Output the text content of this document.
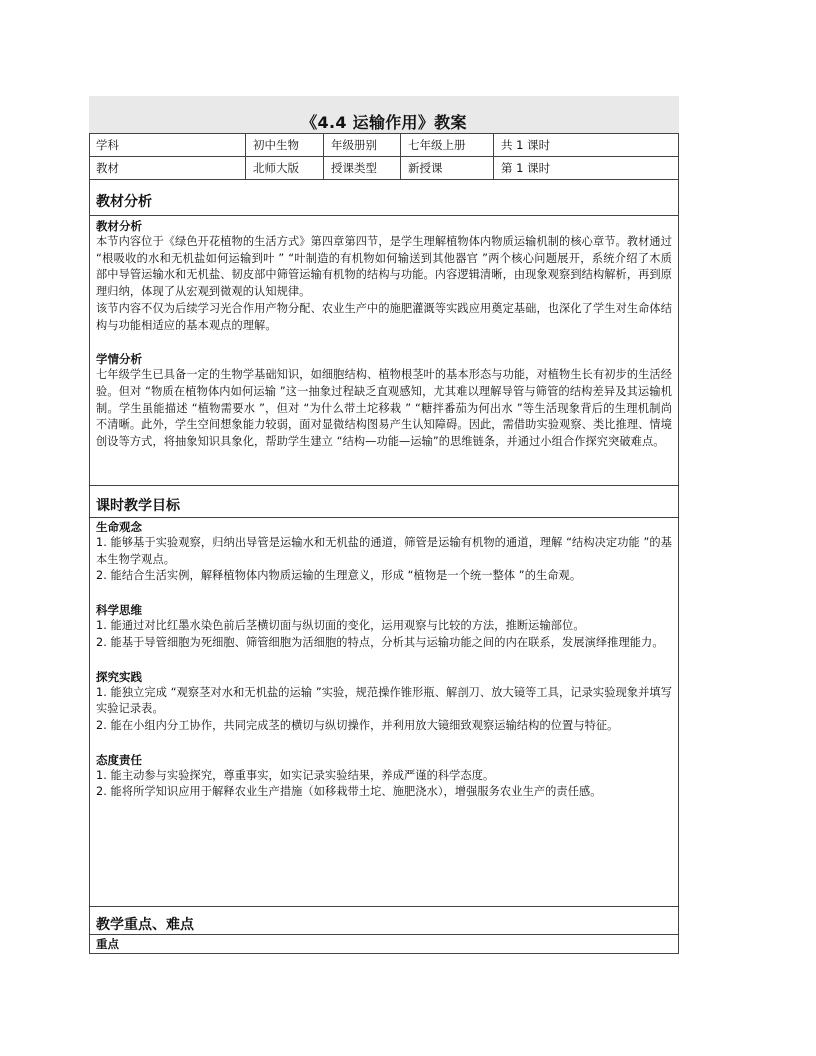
《4.4 运输作用》教案
学科	初中生物	年级册别	七年级上册	共 1 课时
教材	北师大版	授课类型	新授课	第 1 课时
教材分析

教材分析

本节内容位于《绿色开花植物的生活方式》第四章第四节，是学生理解植物体内物质运输机制的核心章节。教材通过 “根吸收的水和无机盐如何运输到叶 ” “叶制造的有机物如何输送到其他器官 ”两个核心问题展开，系统介绍了木质部中导管运输水和无机盐、韧皮部中筛管运输有机物的结构与功能。内容逻辑清晰，由现象观察到结构解析，再到原理归纳，体现了从宏观到微观的认知规律。

该节内容不仅为后续学习光合作用产物分配、农业生产中的施肥灌溉等实践应用奠定基础，也深化了学生对生命体结构与功能相适应的基本观点的理解。

学情分析

七年级学生已具备一定的生物学基础知识，如细胞结构、植物根茎叶的基本形态与功能，对植物生长有初步的生活经验。但对 “物质在植物体内如何运输 ”这一抽象过程缺乏直观感知，尤其难以理解导管与筛管的结构差异及其运输机制。学生虽能描述 “植物需要水 ”，但对 “为什么带土坨移栽 ” “糖拌番茄为何出水 ”等生活现象背后的生理机制尚不清晰。此外，学生空间想象能力较弱，面对显微结构图易产生认知障碍。因此，需借助实验观察、类比推理、情境创设等方式，将抽象知识具象化，帮助学生建立 “结构—功能—运输”的思维链条，并通过小组合作探究突破难点。

课时教学目标

生命观念

1. 能够基于实验观察，归纳出导管是运输水和无机盐的通道，筛管是运输有机物的通道，理解 “结构决定功能 ”的基本生物学观点。

2. 能结合生活实例，解释植物体内物质运输的生理意义，形成 “植物是一个统一整体 ”的生命观。

科学思维

1. 能通过对比红墨水染色前后茎横切面与纵切面的变化，运用观察与比较的方法，推断运输部位。

2. 能基于导管细胞为死细胞、筛管细胞为活细胞的特点，分析其与运输功能之间的内在联系，发展演绎推理能力。

探究实践

1. 能独立完成 “观察茎对水和无机盐的运输 ”实验，规范操作锥形瓶、解剖刀、放大镜等工具，记录实验现象并填写实验记录表。

2. 能在小组内分工协作，共同完成茎的横切与纵切操作，并利用放大镜细致观察运输结构的位置与特征。

态度责任

1. 能主动参与实验探究，尊重事实，如实记录实验结果，养成严谨的科学态度。

2. 能将所学知识应用于解释农业生产措施（如移栽带土坨、施肥浇水），增强服务农业生产的责任感。

教学重点、难点

重点
